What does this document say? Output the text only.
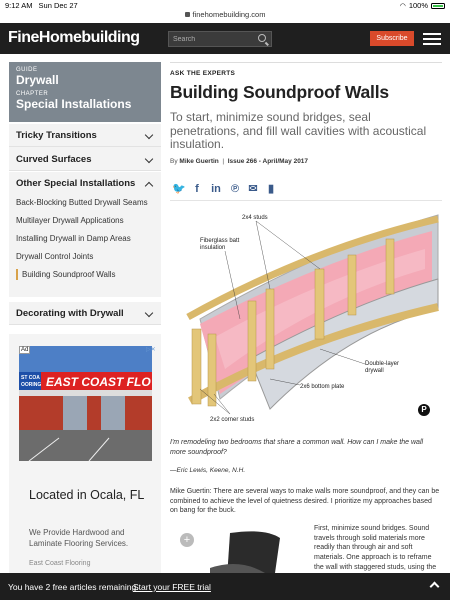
9:12 AM Sun Dec 27	◠ 100%
finehomebuilding.com
FineHomebuilding
Search	Subscribe
GUIDE
Drywall
CHAPTER
Special Installations
Tricky Transitions
Curved Surfaces
Other Special Installations
Back-Blocking Butted Drywall Seams
Multilayer Drywall Applications
Installing Drywall in Damp Areas
Drywall Control Joints
Building Soundproof Walls
Decorating with Drywall
ST COA
OORING EAST COAST FLO
Ad	▷✕
Located in Ocala, FL
We Provide Hardwood and Laminate Flooring Services.
East Coast Flooring
ASK THE EXPERTS
Building Soundproof Walls
To start, minimize sound bridges, seal penetrations, and fill wall cavities with acoustical insulation.
By Mike Guertin  |  Issue 266 - April/May 2017
🐦 f	in ℗ ✉ ▮
2x4 studs
Fiberglass batt
insulation
Double-layer
drywall
2x6 bottom plate
2x2 corner studs
P
I'm remodeling two bedrooms that share a common wall. How can I make the wall more soundproof?
—Eric Lewis, Keene, N.H.
Mike Guertin: There are several ways to make walls more soundproof, and they can be combined to achieve the level of quietness desired. I prioritize my approaches based on bang for the buck.
+
First, minimize sound bridges. Sound travels through solid materials more readily than through air and soft materials. One approach is to reframe the wall with staggered studs, using the
You have 2 free articles remaining.
Start your FREE trial
